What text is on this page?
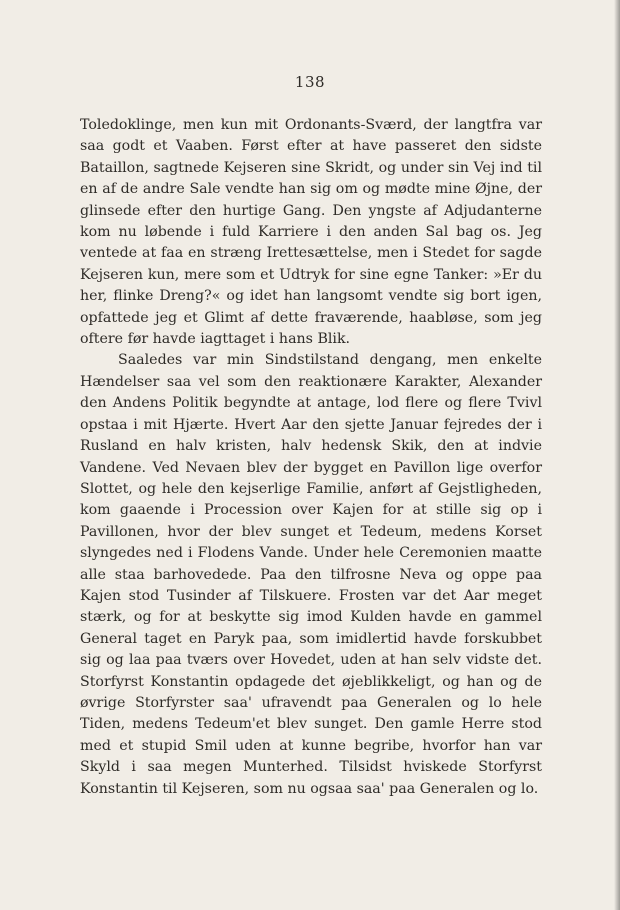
138

Toledoklinge, men kun mit Ordonants-Sværd, der langtfra var saa godt et Vaaben. Først efter at have passeret den sidste Bataillon, sagtnede Kejseren sine Skridt, og under sin Vej ind til en af de andre Sale vendte han sig om og mødte mine Øjne, der glinsede efter den hurtige Gang. Den yngste af Adjudanterne kom nu løbende i fuld Karriere i den anden Sal bag os. Jeg ventede at faa en stræng Irettesættelse, men i Stedet for sagde Kejseren kun, mere som et Udtryk for sine egne Tanker: »Er du her, flinke Dreng?« og idet han langsomt vendte sig bort igen, opfattede jeg et Glimt af dette fraværende, haabløse, som jeg oftere før havde iagttaget i hans Blik.

Saaledes var min Sindstilstand dengang, men enkelte Hændelser saa vel som den reaktionære Karakter, Alexander den Andens Politik begyndte at antage, lod flere og flere Tvivl opstaa i mit Hjærte. Hvert Aar den sjette Januar fejredes der i Rusland en halv kristen, halv hedensk Skik, den at indvie Vandene. Ved Nevaen blev der bygget en Pavillon lige overfor Slottet, og hele den kejserlige Familie, anført af Gejstligheden, kom gaaende i Procession over Kajen for at stille sig op i Pavillonen, hvor der blev sunget et Tedeum, medens Korset slyngedes ned i Flodens Vande. Under hele Ceremonien maatte alle staa barhovedede. Paa den tilfrosne Neva og oppe paa Kajen stod Tusinder af Tilskuere. Frosten var det Aar meget stærk, og for at beskytte sig imod Kulden havde en gammel General taget en Paryk paa, som imidlertid havde forskubbet sig og laa paa tværs over Hovedet, uden at han selv vidste det. Storfyrst Konstantin opdagede det øjeblikkeligt, og han og de øvrige Storfyrster saa' ufravendt paa Generalen og lo hele Tiden, medens Tedeum'et blev sunget. Den gamle Herre stod med et stupid Smil uden at kunne begribe, hvorfor han var Skyld i saa megen Munterhed. Tilsidst hviskede Storfyrst Konstantin til Kejseren, som nu ogsaa saa' paa Generalen og lo.
